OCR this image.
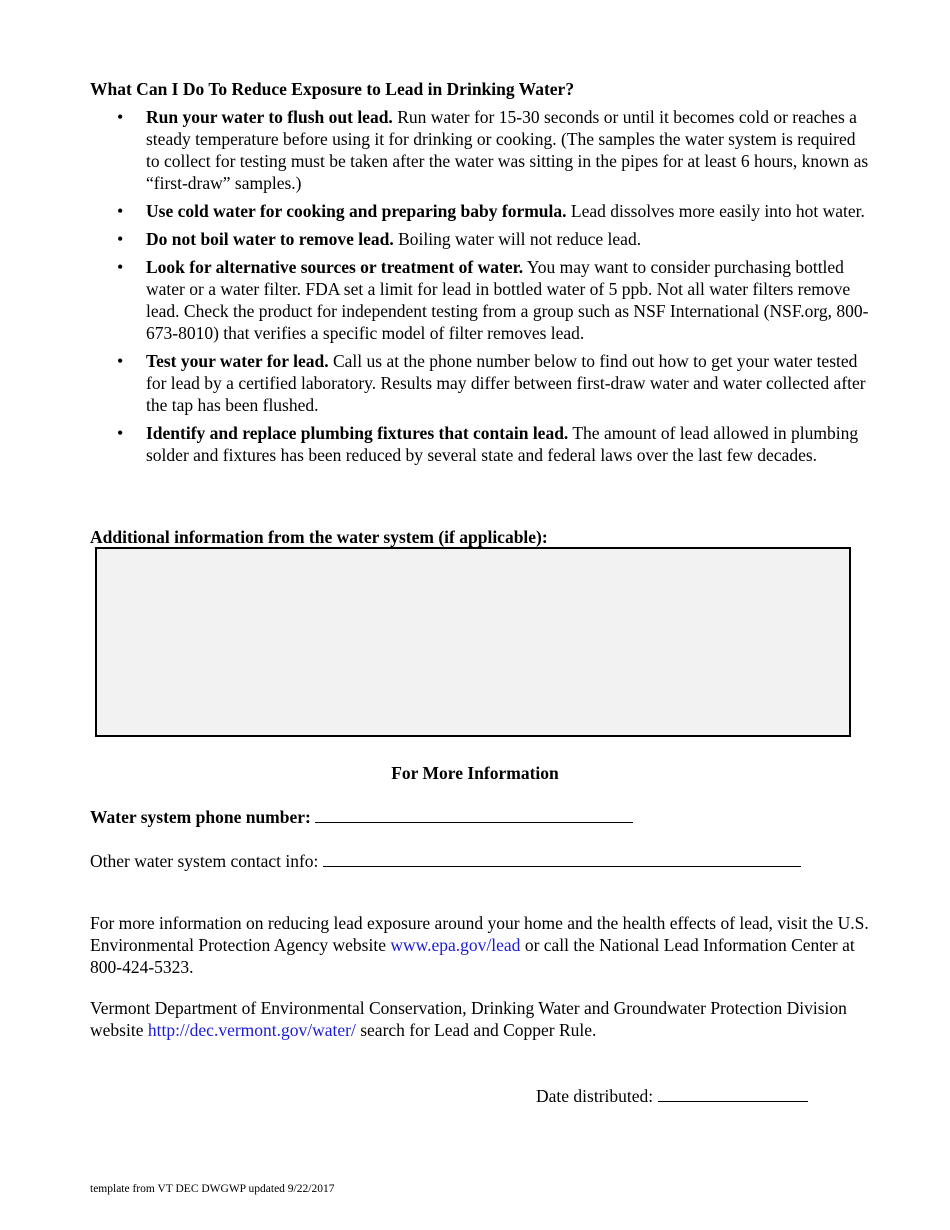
What Can I Do To Reduce Exposure to Lead in Drinking Water?
• Run your water to flush out lead. Run water for 15-30 seconds or until it becomes cold or reaches a steady temperature before using it for drinking or cooking. (The samples the water system is required to collect for testing must be taken after the water was sitting in the pipes for at least 6 hours, known as “first-draw” samples.)
• Use cold water for cooking and preparing baby formula. Lead dissolves more easily into hot water.
• Do not boil water to remove lead. Boiling water will not reduce lead.
• Look for alternative sources or treatment of water. You may want to consider purchasing bottled water or a water filter. FDA set a limit for lead in bottled water of 5 ppb. Not all water filters remove lead. Check the product for independent testing from a group such as NSF International (NSF.org, 800-673-8010) that verifies a specific model of filter removes lead.
• Test your water for lead. Call us at the phone number below to find out how to get your water tested for lead by a certified laboratory. Results may differ between first-draw water and water collected after the tap has been flushed.
• Identify and replace plumbing fixtures that contain lead. The amount of lead allowed in plumbing solder and fixtures has been reduced by several state and federal laws over the last few decades.
Additional information from the water system (if applicable):
For More Information
Water system phone number:
Other water system contact info:
For more information on reducing lead exposure around your home and the health effects of lead, visit the U.S. Environmental Protection Agency website www.epa.gov/lead or call the National Lead Information Center at 800-424-5323.
Vermont Department of Environmental Conservation, Drinking Water and Groundwater Protection Division website http://dec.vermont.gov/water/ search for Lead and Copper Rule.
Date distributed:
template from VT DEC DWGWP updated 9/22/2017
